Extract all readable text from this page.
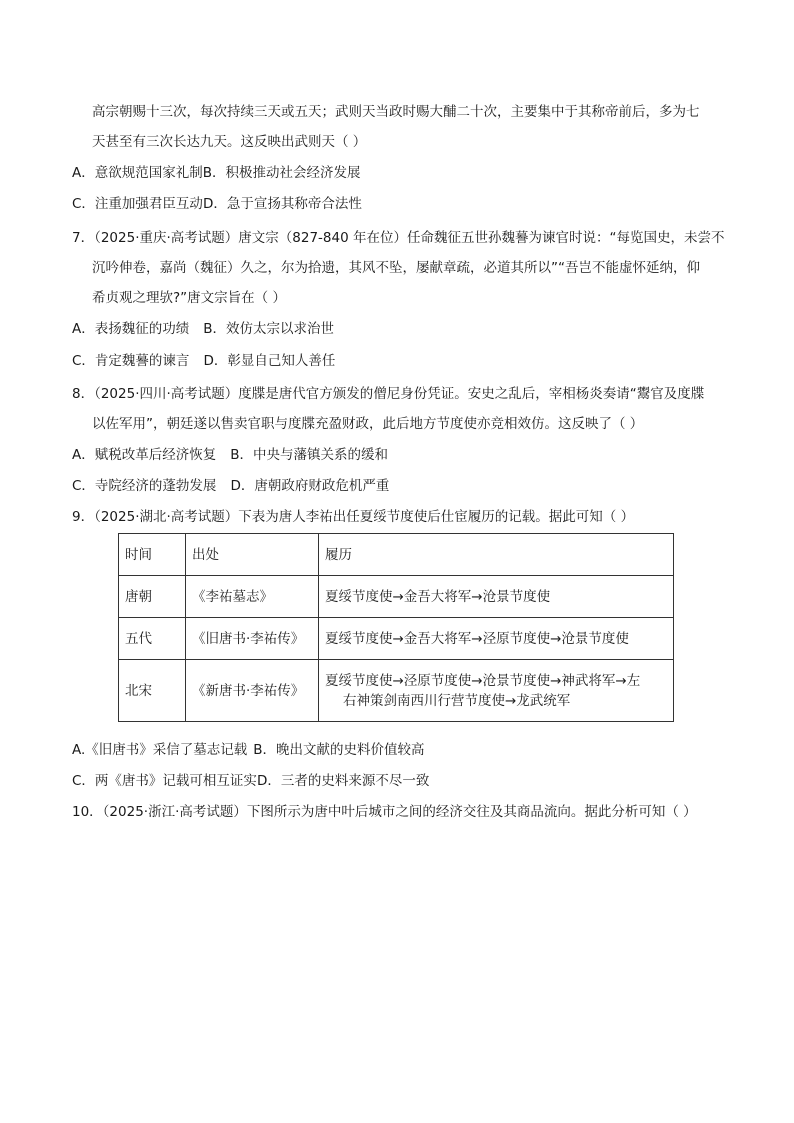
高宗朝赐十三次，每次持续三天或五天；武则天当政时赐大酺二十次，主要集中于其称帝前后，多为七
天甚至有三次长达九天。这反映出武则天（ ）
A．意欲规范国家礼制B．积极推动社会经济发展
C．注重加强君臣互动D．急于宣扬其称帝合法性
7．（2025·重庆·高考试题）唐文宗（827-840 年在位）任命魏征五世孙魏謩为谏官时说：“每览国史，未尝不
沉吟伸卷，嘉尚（魏征）久之，尔为拾遗，其风不坠，屡献章疏，必道其所以”“吾岂不能虚怀延纳，仰
希贞观之理欤?”唐文宗旨在（ ）
A．表扬魏征的功绩 B．效仿太宗以求治世
C．肯定魏謩的谏言 D．彰显自己知人善任
8．（2025·四川·高考试题）度牒是唐代官方颁发的僧尼身份凭证。安史之乱后，宰相杨炎奏请“鬻官及度牒
以佐军用”，朝廷遂以售卖官职与度牒充盈财政，此后地方节度使亦竞相效仿。这反映了（ ）
A．赋税改革后经济恢复 B．中央与藩镇关系的缓和
C．寺院经济的蓬勃发展 D．唐朝政府财政危机严重
9．（2025·湖北·高考试题）下表为唐人李祐出任夏绥节度使后仕宦履历的记载。据此可知（ ）
时间	出处	履历
唐朝	《李祐墓志》	夏绥节度使→金吾大将军→沧景节度使
五代	《旧唐书·李祐传》	夏绥节度使→金吾大将军→泾原节度使→沧景节度使
北宋	《新唐书·李祐传》	夏绥节度使→泾原节度使→沧景节度使→神武将军→左
右神策剑南西川行营节度使→龙武统军
A.《旧唐书》采信了墓志记载 B．晚出文献的史料价值较高
C．两《唐书》记载可相互证实D．三者的史料来源不尽一致
10．（2025·浙江·高考试题）下图所示为唐中叶后城市之间的经济交往及其商品流向。据此分析可知（ ）
